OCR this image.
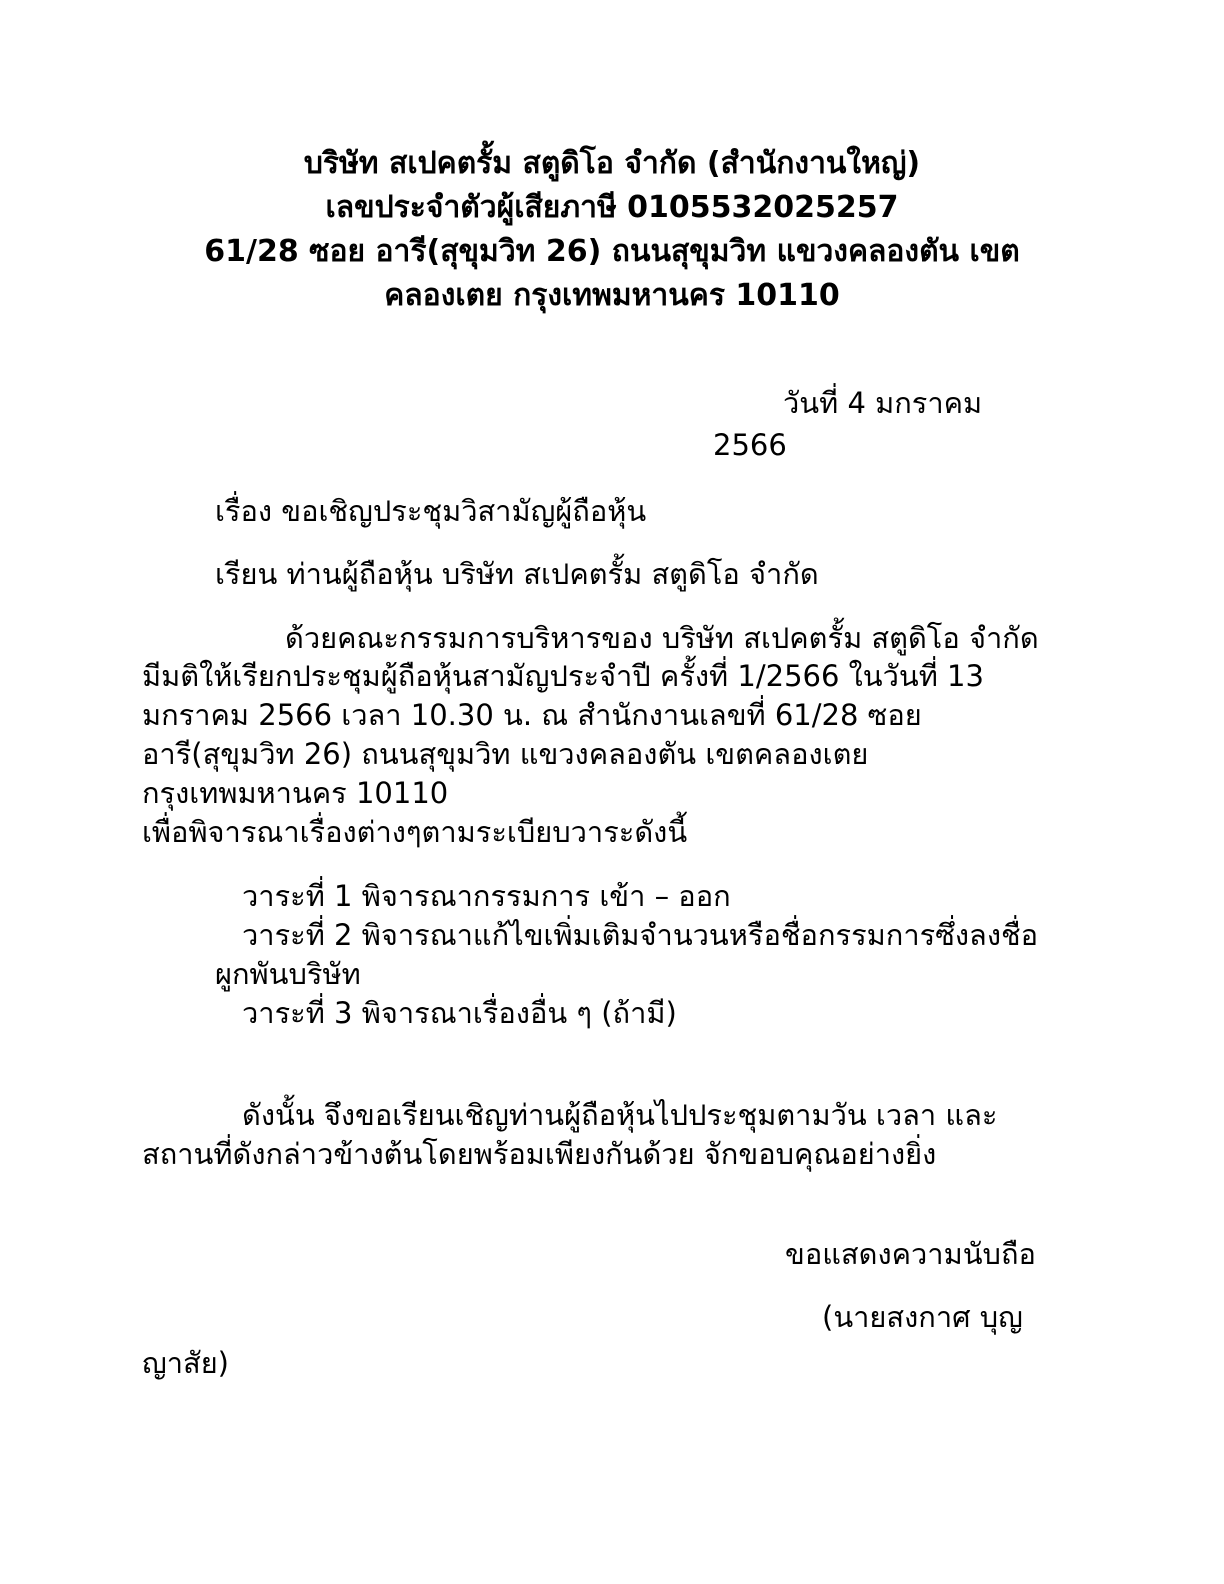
บริษัท สเปคตรั้ม สตูดิโอ จำกัด (สำนักงานใหญ่)
เลขประจำตัวผู้เสียภาษี 0105532025257
61/28 ซอย อารี(สุขุมวิท 26) ถนนสุขุมวิท แขวงคลองตัน เขต
คลองเตย กรุงเทพมหานคร 10110
วันที่ 4 มกราคม
2566
เรื่อง ขอเชิญประชุมวิสามัญผู้ถือหุ้น
เรียน ท่านผู้ถือหุ้น บริษัท สเปคตรั้ม สตูดิโอ จำกัด
ด้วยคณะกรรมการบริหารของ บริษัท สเปคตรั้ม สตูดิโอ จำกัด
มีมติให้เรียกประชุมผู้ถือหุ้นสามัญประจำปี ครั้งที่ 1/2566 ในวันที่ 13
มกราคม 2566 เวลา 10.30 น. ณ สำนักงานเลขที่ 61/28 ซอย
อารี(สุขุมวิท 26) ถนนสุขุมวิท แขวงคลองตัน เขตคลองเตย
กรุงเทพมหานคร 10110
เพื่อพิจารณาเรื่องต่างๆตามระเบียบวาระดังนี้
วาระที่ 1 พิจารณากรรมการ เข้า – ออก
วาระที่ 2 พิจารณาแก้ไขเพิ่มเติมจำนวนหรือชื่อกรรมการซึ่งลงชื่อ
ผูกพันบริษัท
วาระที่ 3 พิจารณาเรื่องอื่น ๆ (ถ้ามี)
ดังนั้น จึงขอเรียนเชิญท่านผู้ถือหุ้นไปประชุมตามวัน เวลา และ
สถานที่ดังกล่าวข้างต้นโดยพร้อมเพียงกันด้วย จักขอบคุณอย่างยิ่ง
ขอแสดงความนับถือ
(นายสงกาศ บุญ
ญาสัย)
